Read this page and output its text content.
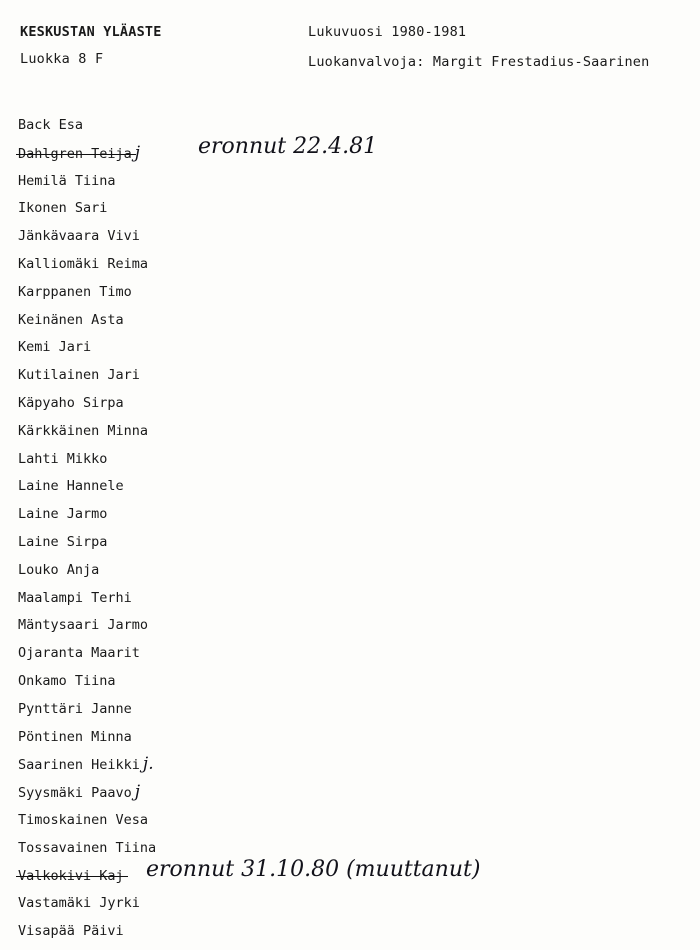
KESKUSTAN YLÄASTE
Luokka 8 F
Lukuvuosi 1980-1981
Luokanvalvoja: Margit Frestadius-Saarinen
Back Esa
Dahlgren Teija j	eronnut 22.4.81
Hemilä Tiina
Ikonen Sari
Jänkävaara Vivi
Kalliomäki Reima
Karppanen Timo
Keinänen Asta
Kemi Jari
Kutilainen Jari
Käpyaho Sirpa
Kärkkäinen Minna
Lahti Mikko
Laine Hannele
Laine Jarmo
Laine Sirpa
Louko Anja
Maalampi Terhi
Mäntysaari Jarmo
Ojaranta Maarit
Onkamo Tiina
Pynttäri Janne
Pöntinen Minna
Saarinen Heikki j.
Syysmäki Paavo j
Timoskainen Vesa
Tossavainen Tiina
Valkokivi Kaj eronnut 31.10.80 (muuttanut)
Vastamäki Jyrki
Visapää Päivi
